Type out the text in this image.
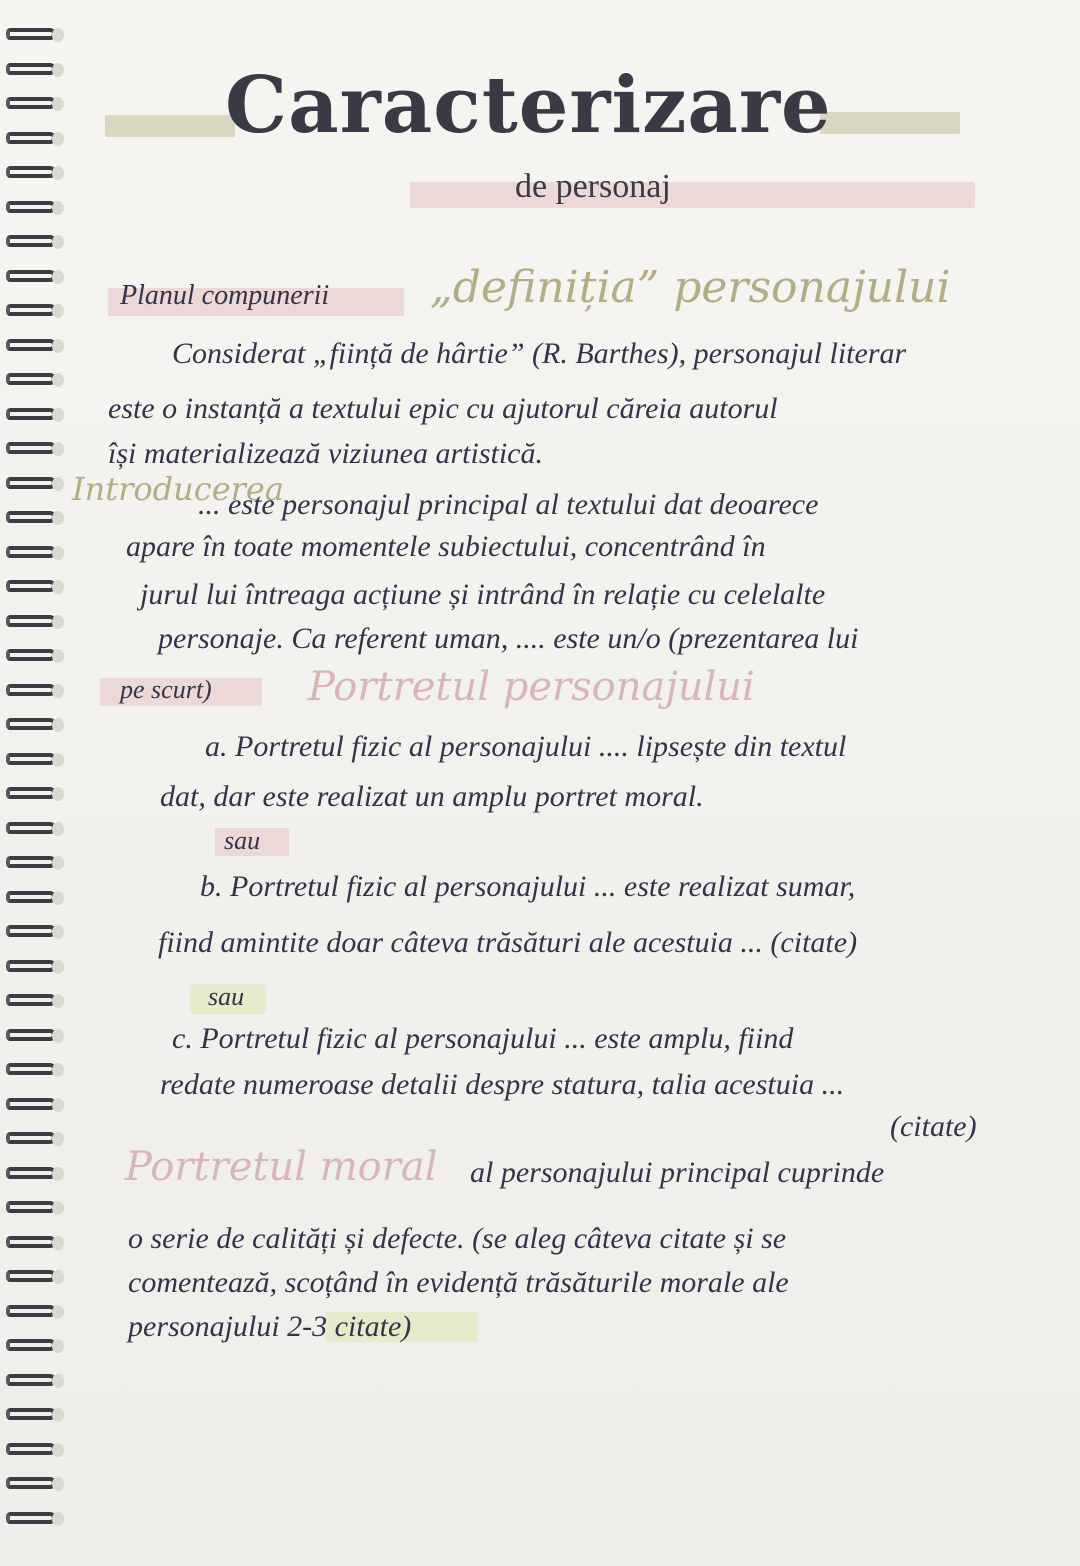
Caracterizare
de personaj
Planul compunerii „definiția” personajului
Considerat „ființă de hârtie” (R. Barthes), personajul literar
este o instanță a textului epic cu ajutorul căreia autorul
își materializează viziunea artistică.
Introducerea
... este personajul principal al textului dat deoarece
apare în toate momentele subiectului, concentrând în
jurul lui întreaga acțiune și intrând în relație cu celelalte
personaje. Ca referent uman, .... este un/o (prezentarea lui
pe scurt) Portretul personajului
a. Portretul fizic al personajului .... lipsește din textul
dat, dar este realizat un amplu portret moral.
sau
b. Portretul fizic al personajului ... este realizat sumar,
fiind amintite doar câteva trăsături ale acestuia ... (citate)
sau
c. Portretul fizic al personajului ... este amplu, fiind
redate numeroase detalii despre statura, talia acestuia ...
(citate)
Portretul moral al personajului principal cuprinde
o serie de calități și defecte. (se aleg câteva citate și se
comentează, scoțând în evidență trăsăturile morale ale
personajului 2-3 citate)
